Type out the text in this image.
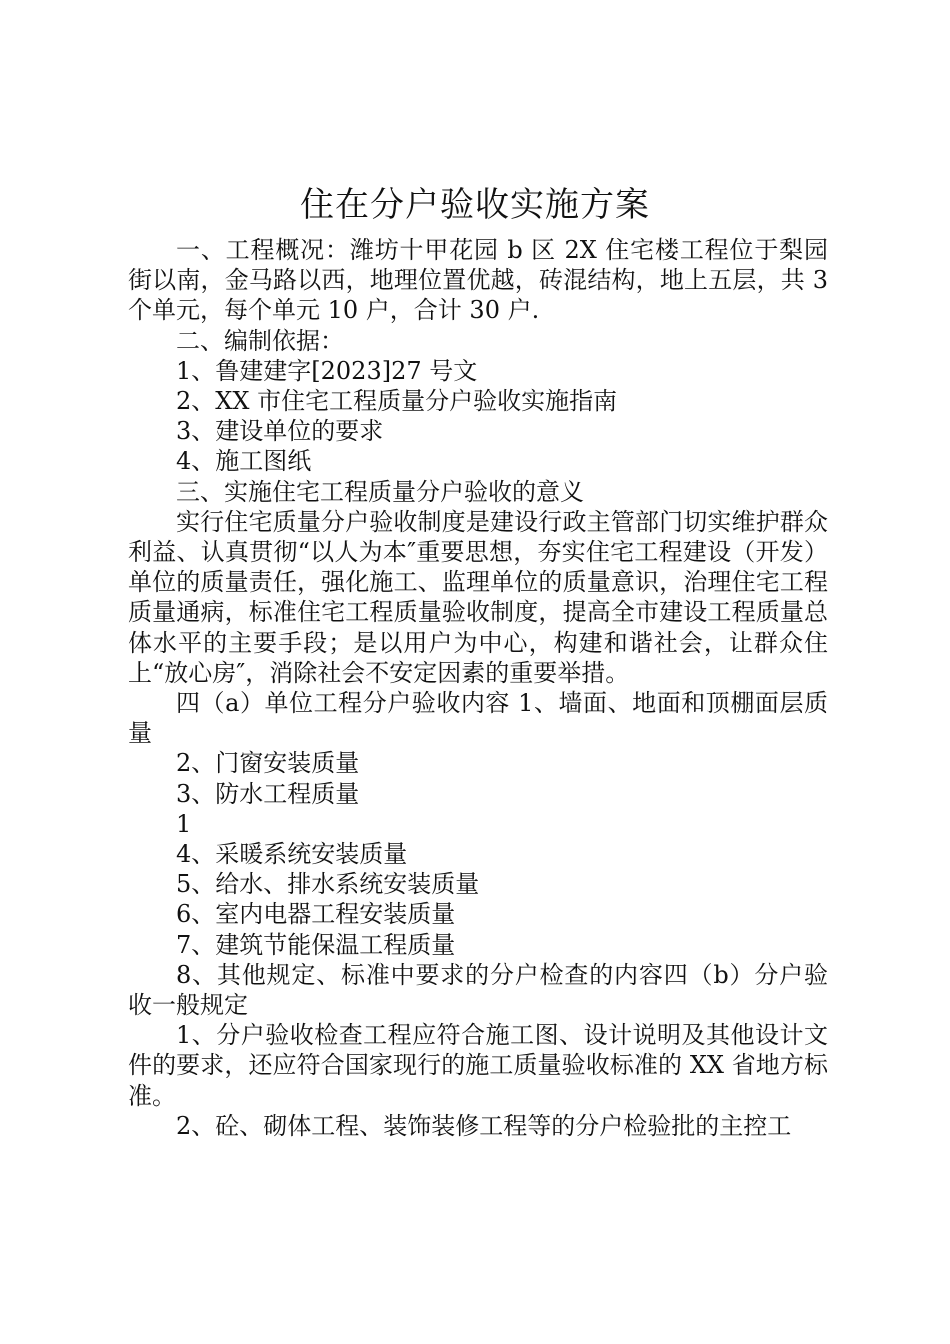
住在分户验收实施方案

一、工程概况：潍坊十甲花园 b 区 2X 住宅楼工程位于梨园街以南，金马路以西，地理位置优越，砖混结构，地上五层，共 3 个单元，每个单元 10 户，合计 30 户.

二、编制依据：

1、鲁建建字[2023]27 号文

2、XX 市住宅工程质量分户验收实施指南

3、建设单位的要求

4、施工图纸

三、实施住宅工程质量分户验收的意义

实行住宅质量分户验收制度是建设行政主管部门切实维护群众利益、认真贯彻“以人为本″重要思想，夯实住宅工程建设（开发）单位的质量责任，强化施工、监理单位的质量意识，治理住宅工程质量通病，标准住宅工程质量验收制度，提高全市建设工程质量总体水平的主要手段；是以用户为中心，构建和谐社会，让群众住上“放心房″，消除社会不安定因素的重要举措。

四（a）单位工程分户验收内容 1、墙面、地面和顶棚面层质量

2、门窗安装质量

3、防水工程质量

1

4、采暖系统安装质量

5、给水、排水系统安装质量

6、室内电器工程安装质量

7、建筑节能保温工程质量

8、其他规定、标准中要求的分户检查的内容四（b）分户验收一般规定

1、分户验收检查工程应符合施工图、设计说明及其他设计文件的要求，还应符合国家现行的施工质量验收标准的 XX 省地方标准。

2、砼、砌体工程、装饰装修工程等的分户检验批的主控工
